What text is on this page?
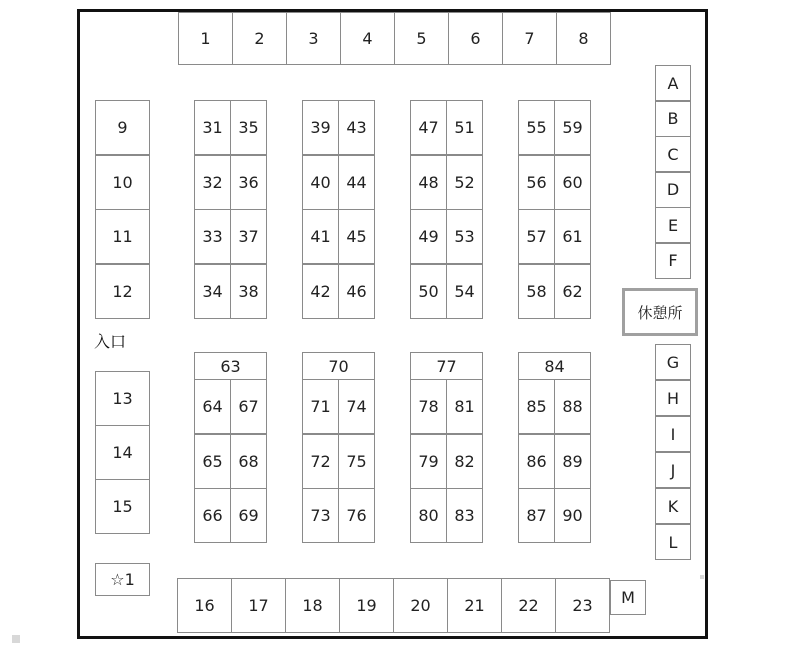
入口
休憩所
☆1
M
1	2	3	4	5	6	7	8
16	17	18	19	20	21	22	23
9
10
11
12
13
14
15
A
B
C
D
E
F
G
H
I
J
K
L
31
32
33
34
35
36
37
38
39
40
41
42
43
44
45
46
47
48
49
50
51
52
53
54
55
56
57
58
59
60
61
62
63
64
65
66
67
68
69
70
71
72
73
74
75
76
77
78
79
80
81
82
83
84
85
86
87
88
89
90
